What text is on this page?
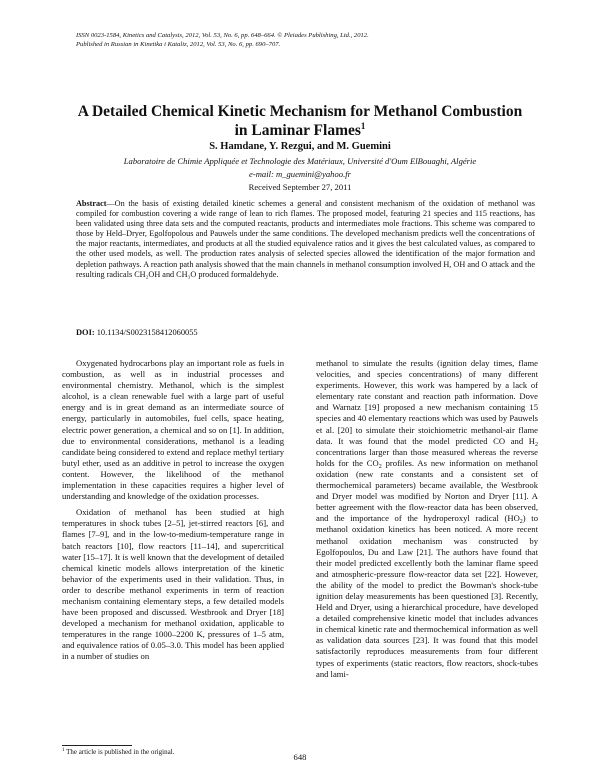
ISSN 0023-1584, Kinetics and Catalysis, 2012, Vol. 53, No. 6, pp. 648–664. © Pleiades Publishing, Ltd., 2012.
Published in Russian in Kinetika i Kataliz, 2012, Vol. 53, No. 6, pp. 690–707.
A Detailed Chemical Kinetic Mechanism for Methanol Combustion
in Laminar Flames$^1$
S. Hamdane, Y. Rezgui, and M. Guemini
Laboratoire de Chimie Appliquée et Technologie des Matériaux, Université d'Oum ElBouaghi, Algérie
e-mail: m_guemini@yahoo.fr
Received September 27, 2011
Abstract—On the basis of existing detailed kinetic schemes a general and consistent mechanism of the oxidation of methanol was compiled for combustion covering a wide range of lean to rich flames. The proposed model, featuring 21 species and 115 reactions, has been validated using three data sets and the computed reactants, products and intermediates mole fractions. This scheme was compared to those by Held–Dryer, Egolfopolous and Pauwels under the same conditions. The developed mechanism predicts well the concentrations of the major reactants, intermediates, and products at all the studied equivalence ratios and it gives the best calculated values, as compared to the other used models, as well. The production rates analysis of selected species allowed the identification of the major formation and depletion pathways. A reaction path analysis showed that the main channels in methanol consumption involved H, OH and O attack and the resulting radicals CH₂OH and CH₃O produced formaldehyde.
DOI: 10.1134/S0023158412060055

Oxygenated hydrocarbons play an important role as fuels in combustion, as well as in industrial processes and environmental chemistry. Methanol, which is the simplest alcohol, is a clean renewable fuel with a large part of useful energy and is in great demand as an intermediate source of energy, particularly in automobiles, fuel cells, space heating, electric power generation, a chemical and so on [1]. In addition, due to environmental considerations, methanol is a leading candidate being considered to extend and replace methyl tertiary butyl ether, used as an additive in petrol to increase the oxygen content. However, the likelihood of the methanol implementation in these capacities requires a higher level of understanding and knowledge of the oxidation processes.

Oxidation of methanol has been studied at high temperatures in shock tubes [2–5], jet-stirred reactors [6], and flames [7–9], and in the low-to-medium-temperature range in batch reactors [10], flow reactors [11–14], and supercritical water [15–17]. It is well known that the development of detailed chemical kinetic models allows interpretation of the kinetic behavior of the experiments used in their validation. Thus, in order to describe methanol experiments in term of reaction mechanism containing elementary steps, a few detailed models have been proposed and discussed. Westbrook and Dryer [18] developed a mechanism for methanol oxidation, applicable to temperatures in the range 1000–2200 K, pressures of 1–5 atm, and equivalence ratios of 0.05–3.0. This model has been applied in a number of studies on

methanol to simulate the results (ignition delay times, flame velocities, and species concentrations) of many different experiments. However, this work was hampered by a lack of elementary rate constant and reaction path information. Dove and Warnatz [19] proposed a new mechanism containing 15 species and 40 elementary reactions which was used by Pauwels et al. [20] to simulate their stoichiometric methanol-air flame data. It was found that the model predicted CO and $H_2$ concentrations larger than those measured whereas the reverse holds for the $CO_2$ profiles. As new information on methanol oxidation (new rate constants and a consistent set of thermochemical parameters) became available, the Westbrook and Dryer model was modified by Norton and Dryer [11]. A better agreement with the flow-reactor data has been observed, and the importance of the hydroperoxyl radical $(HO_2)$ to methanol oxidation kinetics has been noticed. A more recent methanol oxidation mechanism was constructed by Egolfopoulos, Du and Law [21]. The authors have found that their model predicted excellently both the laminar flame speed and atmospheric-pressure flow-reactor data set [22]. However, the ability of the model to predict the Bowman's shock-tube ignition delay measurements has been questioned [3]. Recently, Held and Dryer, using a hierarchical procedure, have developed a detailed comprehensive kinetic model that includes advances in chemical kinetic rate and thermochemical information as well as validation data sources [23]. It was found that this model satisfactorily reproduces measurements from four different types of experiments (static reactors, flow reactors, shock-tubes and lami-

$^1$ The article is published in the original.	648
